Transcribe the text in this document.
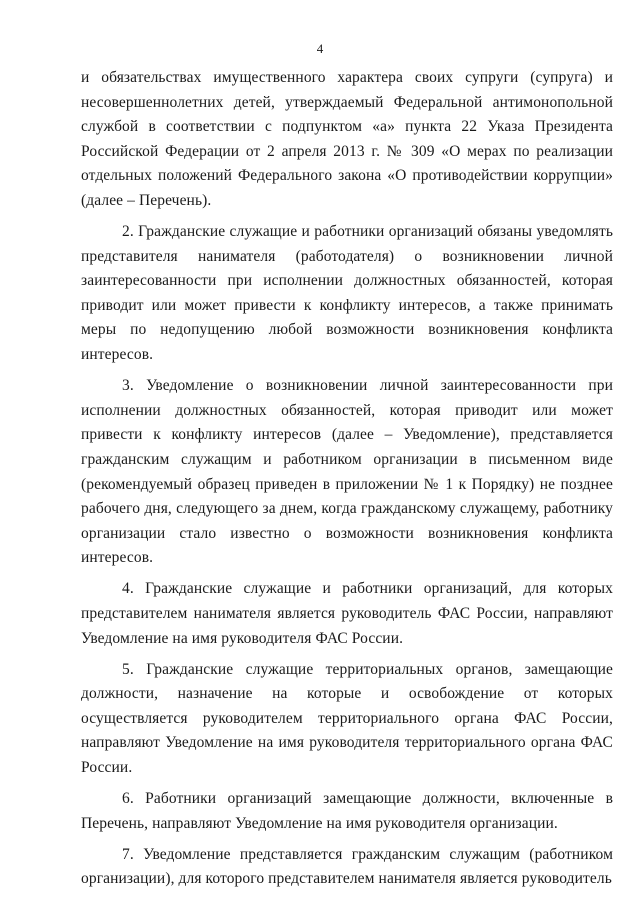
4

и обязательствах имущественного характера своих супруги (супруга) и несовершеннолетних детей, утверждаемый Федеральной антимонопольной службой в соответствии с подпунктом «а» пункта 22 Указа Президента Российской Федерации от 2 апреля 2013 г. № 309 «О мерах по реализации отдельных положений Федерального закона «О противодействии коррупции» (далее – Перечень).

2. Гражданские служащие и работники организаций обязаны уведомлять представителя нанимателя (работодателя) о возникновении личной заинтересованности при исполнении должностных обязанностей, которая приводит или может привести к конфликту интересов, а также принимать меры по недопущению любой возможности возникновения конфликта интересов.

3. Уведомление о возникновении личной заинтересованности при исполнении должностных обязанностей, которая приводит или может привести к конфликту интересов (далее – Уведомление), представляется гражданским служащим и работником организации в письменном виде (рекомендуемый образец приведен в приложении № 1 к Порядку) не позднее рабочего дня, следующего за днем, когда гражданскому служащему, работнику организации стало известно о возможности возникновения конфликта интересов.

4. Гражданские служащие и работники организаций, для которых представителем нанимателя является руководитель ФАС России, направляют Уведомление на имя руководителя ФАС России.

5. Гражданские служащие территориальных органов, замещающие должности, назначение на которые и освобождение от которых осуществляется руководителем территориального органа ФАС России, направляют Уведомление на имя руководителя территориального органа ФАС России.

6. Работники организаций замещающие должности, включенные в Перечень, направляют Уведомление на имя руководителя организации.

7. Уведомление представляется гражданским служащим (работником организации), для которого представителем нанимателя является руководитель
